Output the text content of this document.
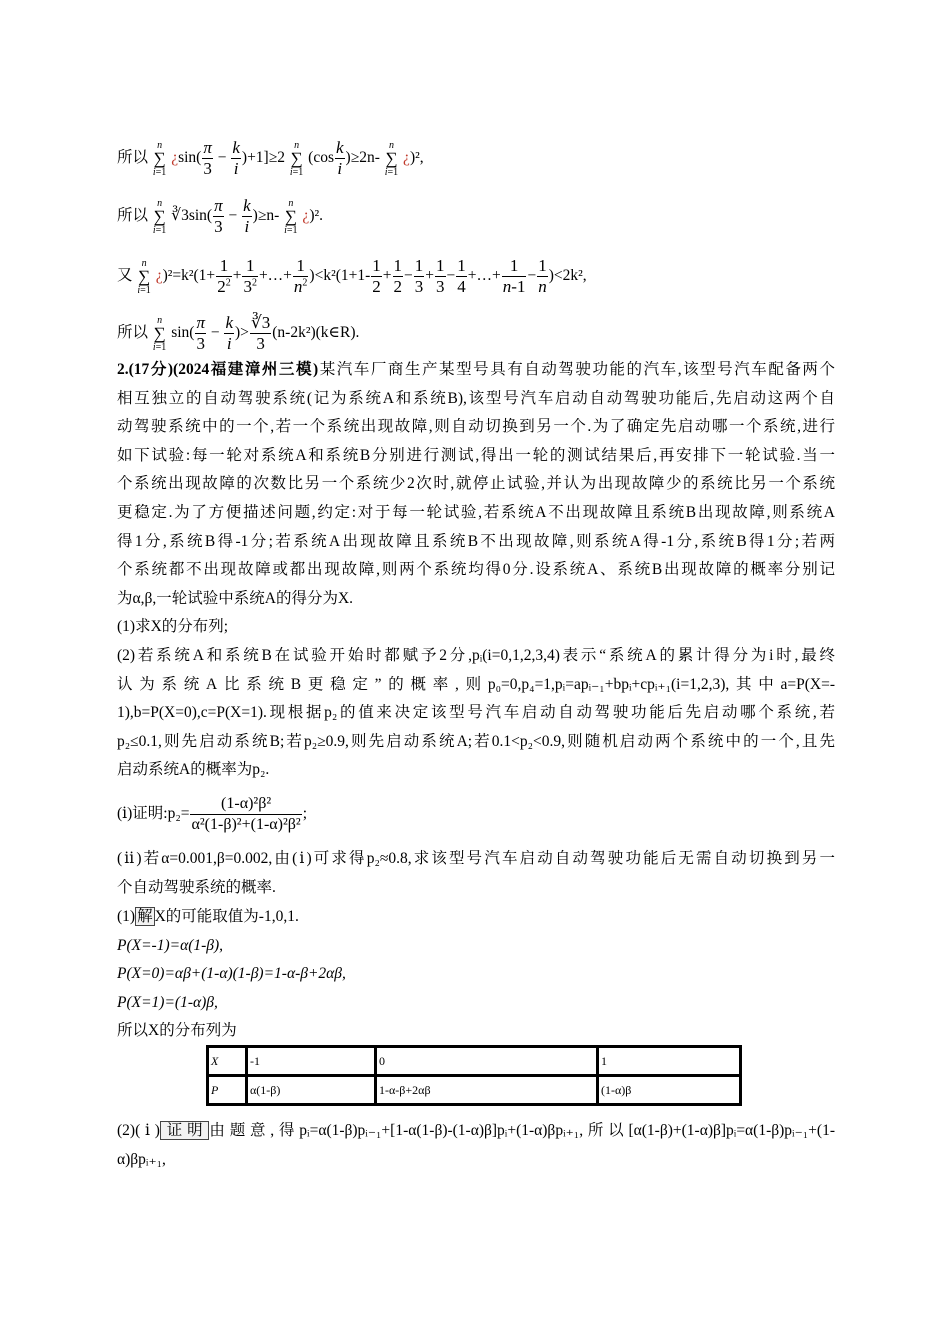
所以 n
∑
i=1 ¿$\sin( \frac{\pi}{3} - \frac{k}{i} )+1]\ge 2$ n
∑
i=1 $(\cos \frac{k}{i} )\ge 2n-$ n
∑
i=1 ¿)²,
所以 n
∑
i=1 ∛3sin( $\frac{\pi}{3} - \frac{k}{i} )\ge n-$ n
∑
i=1 ¿)².
又 n
∑
i=1 ¿)$^2=k^2(1+ \frac{1}{2^2} + \frac{1}{3^2}$ +…+ $\frac{1}{n^2} )<k^2(1+1- \frac{1}{2} + \frac{1}{2} - \frac{1}{3} + \frac{1}{3} - \frac{1}{4}$ +…+ $\frac{1}{n-1} - \frac{1}{n} )<2k^2$,
所以 n
∑
i=1 $\sin( \frac{\pi}{3} - \frac{k}{i}$ )> $\frac{∛3}{3}$ (n-2k²)(k∈R).
2.(17分)(2024福建漳州三模)某汽车厂商生产某型号具有自动驾驶功能的汽车,该型号汽车配备两个
相互独立的自动驾驶系统(记为系统A和系统B),该型号汽车启动自动驾驶功能后,先启动这两个自
动驾驶系统中的一个,若一个系统出现故障,则自动切换到另一个.为了确定先启动哪一个系统,进行
如下试验:每一轮对系统A和系统B分别进行测试,得出一轮的测试结果后,再安排下一轮试验.当一
个系统出现故障的次数比另一个系统少2次时,就停止试验,并认为出现故障少的系统比另一个系统
更稳定.为了方便描述问题,约定:对于每一轮试验,若系统A不出现故障且系统B出现故障,则系统A
得1分,系统B得-1分;若系统A出现故障且系统B不出现故障,则系统A得-1分,系统B得1分;若两
个系统都不出现故障或都出现故障,则两个系统均得0分.设系统A、系统B出现故障的概率分别记
为α,β,一轮试验中系统A的得分为X.
(1)求X的分布列;
(2)若系统A和系统B在试验开始时都赋予2分,pᵢ(i=0,1,2,3,4)表示“系统A的累计得分为i时,最终
认为系统A比系统B更稳定”的概率,则p₀=0,p₄=1,pᵢ=apᵢ₋₁+bpᵢ+cpᵢ₊₁(i=1,2,3),其中a=P(X=-
1),b=P(X=0),c=P(X=1).现根据p₂的值来决定该型号汽车启动自动驾驶功能后先启动哪个系统,若
p₂≤0.1,则先启动系统B;若p₂≥0.9,则先启动系统A;若0.1<p₂<0.9,则随机启动两个系统中的一个,且先
启动系统A的概率为p₂.
(ⅰ)证明:p₂= $\frac{\text{(1-α)²β²}}{\text{α²(1-β)²+(1-α)²β²}}$ ;
(ⅱ)若α=0.001,β=0.002,由(ⅰ)可求得p₂≈0.8,求该型号汽车启动自动驾驶功能后无需自动切换到另一
个自动驾驶系统的概率.
(1) 解 X的可能取值为-1,0,1.
P(X=-1)=α(1-β),
P(X=0)=αβ+(1-α)(1-β)=1-α-β+2αβ,
P(X=1)=(1-α)β,
所以X的分布列为
X	-1	0	1
P	α(1-β)	1-α-β+2αβ	(1-α)β
(2)(ⅰ) 证明 由题意,得pᵢ=α(1-β)pᵢ₋₁+[1-α(1-β)-(1-α)β]pᵢ+(1-α)βpᵢ₊₁,所以[α(1-β)+(1-α)β]pᵢ=α(1-β)pᵢ₋₁+(1-
α)βpᵢ₊₁,
